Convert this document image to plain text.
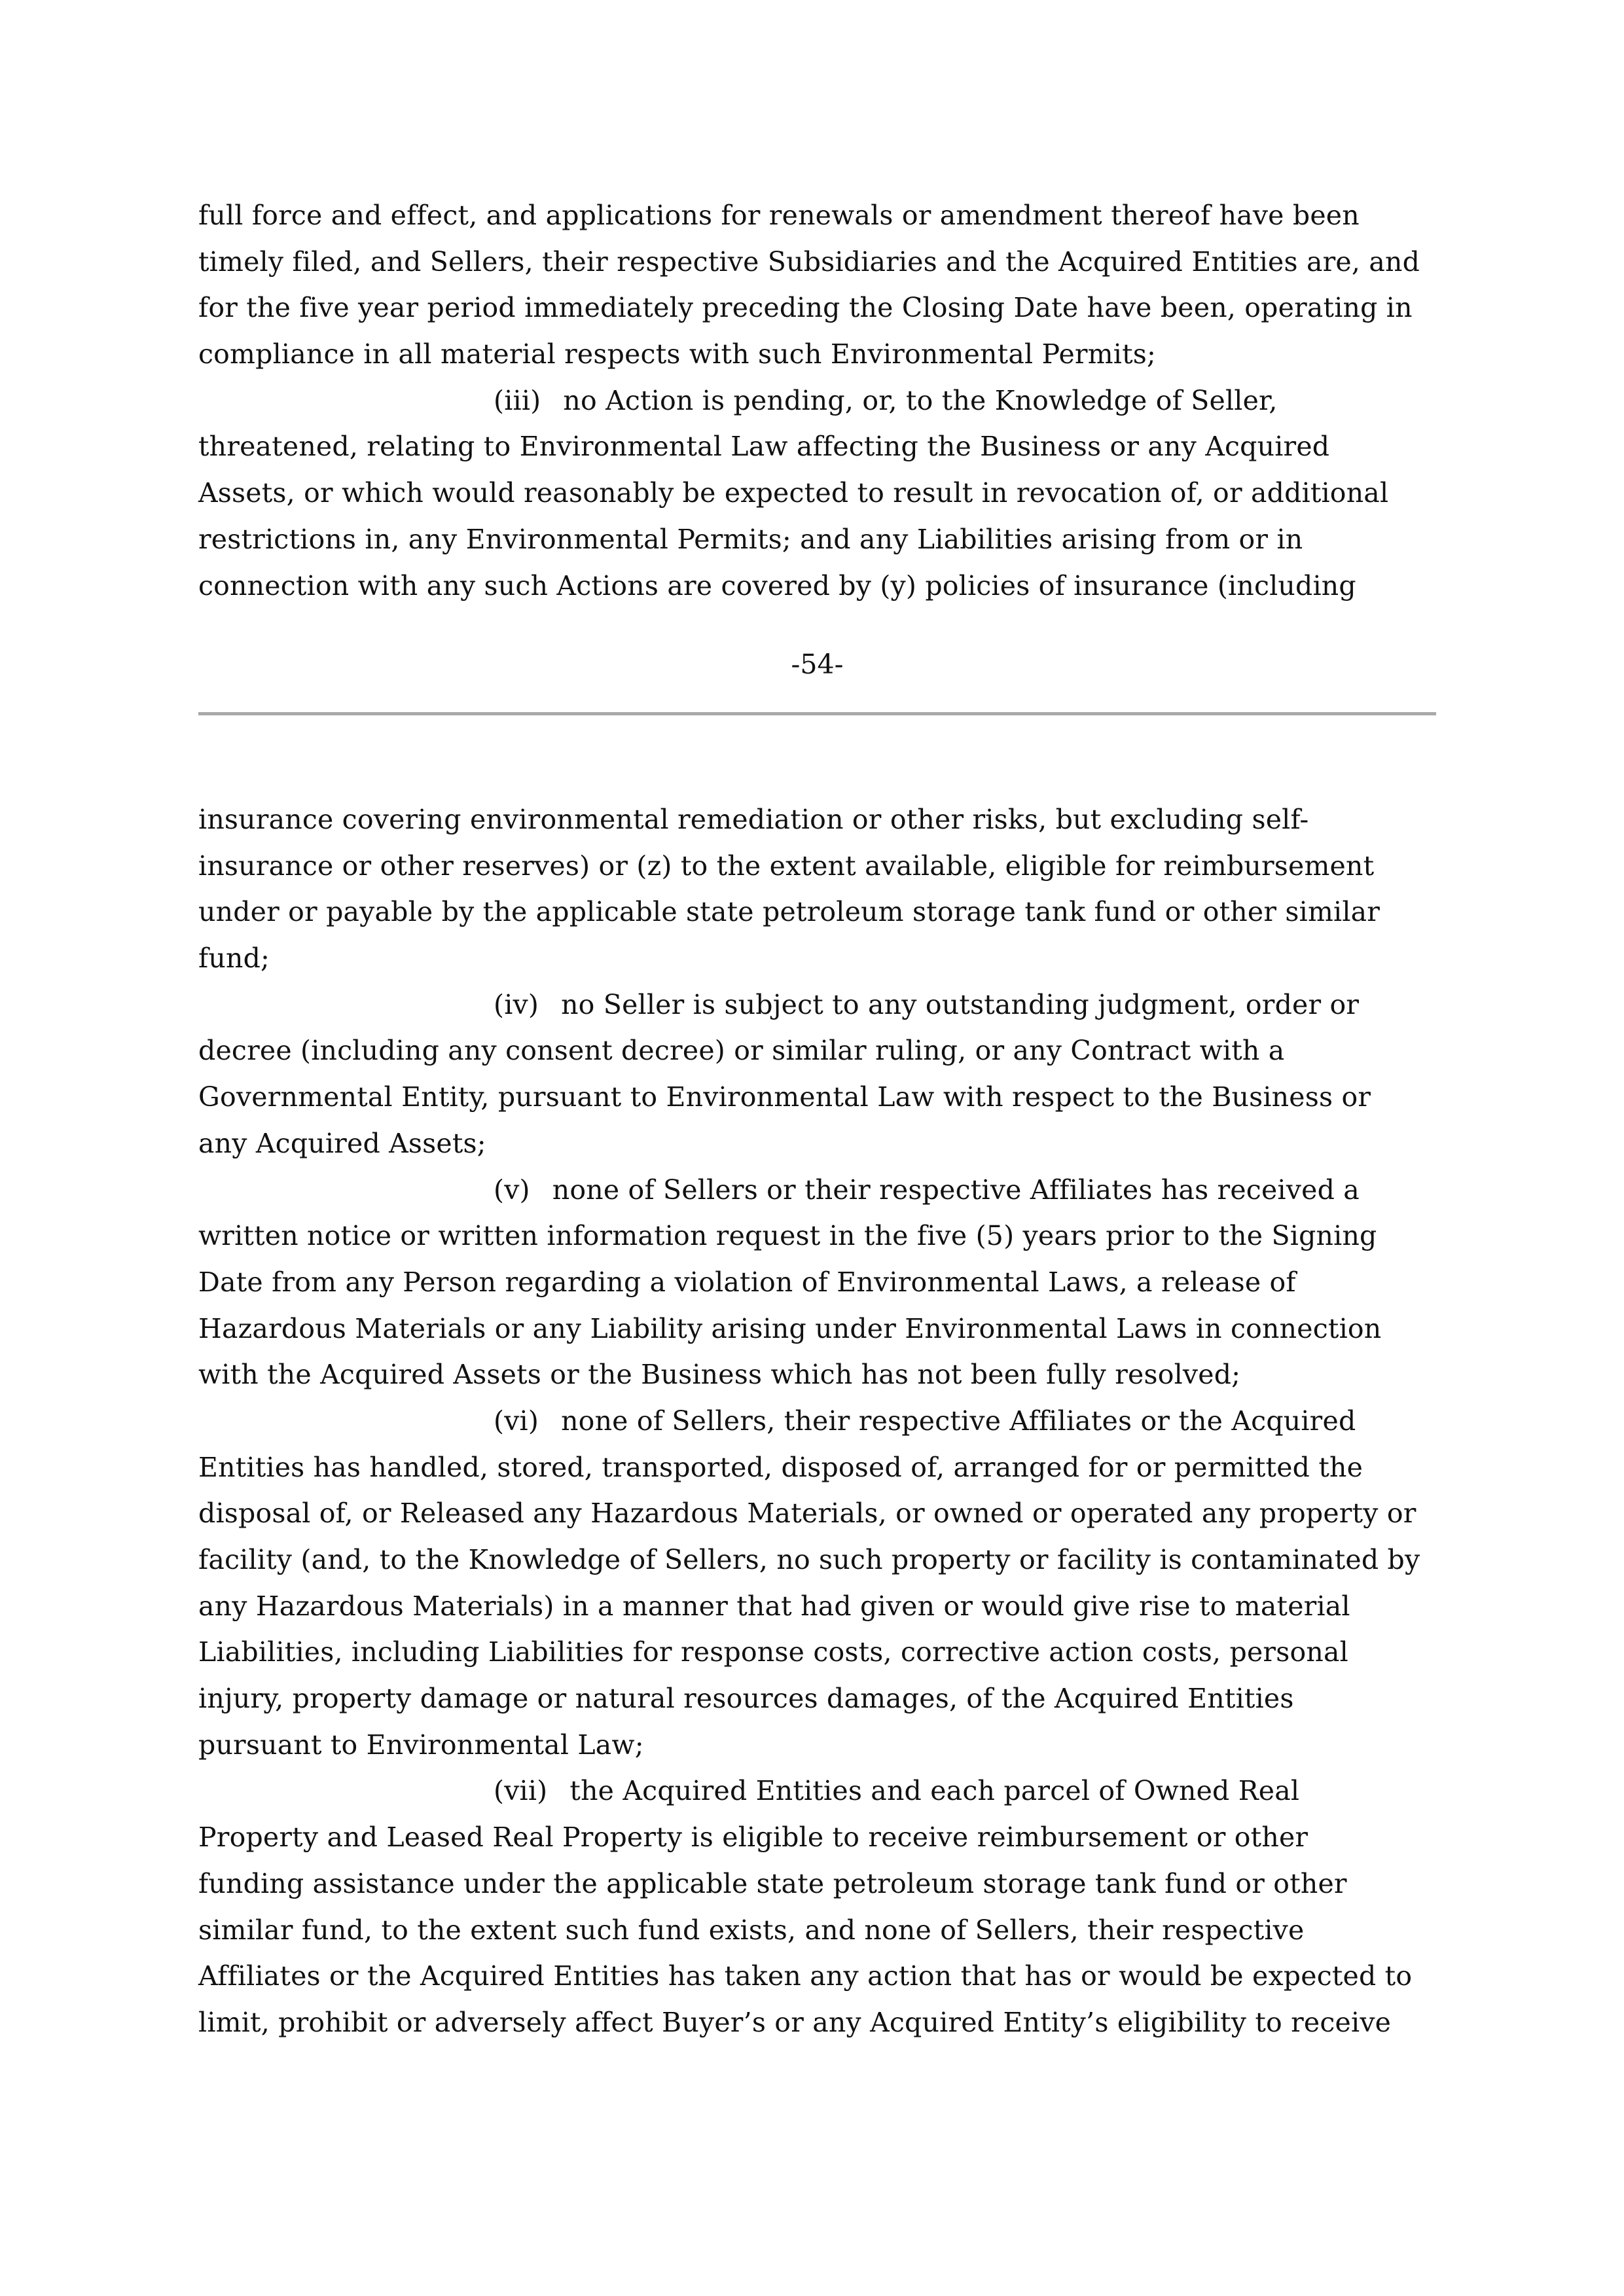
full force and effect, and applications for renewals or amendment thereof have been
timely filed, and Sellers, their respective Subsidiaries and the Acquired Entities are, and
for the five year period immediately preceding the Closing Date have been, operating in
compliance in all material respects with such Environmental Permits;
(iii) no Action is pending, or, to the Knowledge of Seller,
threatened, relating to Environmental Law affecting the Business or any Acquired
Assets, or which would reasonably be expected to result in revocation of, or additional
restrictions in, any Environmental Permits; and any Liabilities arising from or in
connection with any such Actions are covered by (y) policies of insurance (including
-54-
insurance covering environmental remediation or other risks, but excluding self-
insurance or other reserves) or (z) to the extent available, eligible for reimbursement
under or payable by the applicable state petroleum storage tank fund or other similar
fund;
(iv) no Seller is subject to any outstanding judgment, order or
decree (including any consent decree) or similar ruling, or any Contract with a
Governmental Entity, pursuant to Environmental Law with respect to the Business or
any Acquired Assets;
(v) none of Sellers or their respective Affiliates has received a
written notice or written information request in the five (5) years prior to the Signing
Date from any Person regarding a violation of Environmental Laws, a release of
Hazardous Materials or any Liability arising under Environmental Laws in connection
with the Acquired Assets or the Business which has not been fully resolved;
(vi) none of Sellers, their respective Affiliates or the Acquired
Entities has handled, stored, transported, disposed of, arranged for or permitted the
disposal of, or Released any Hazardous Materials, or owned or operated any property or
facility (and, to the Knowledge of Sellers, no such property or facility is contaminated by
any Hazardous Materials) in a manner that had given or would give rise to material
Liabilities, including Liabilities for response costs, corrective action costs, personal
injury, property damage or natural resources damages, of the Acquired Entities
pursuant to Environmental Law;
(vii) the Acquired Entities and each parcel of Owned Real
Property and Leased Real Property is eligible to receive reimbursement or other
funding assistance under the applicable state petroleum storage tank fund or other
similar fund, to the extent such fund exists, and none of Sellers, their respective
Affiliates or the Acquired Entities has taken any action that has or would be expected to
limit, prohibit or adversely affect Buyer’s or any Acquired Entity’s eligibility to receive
